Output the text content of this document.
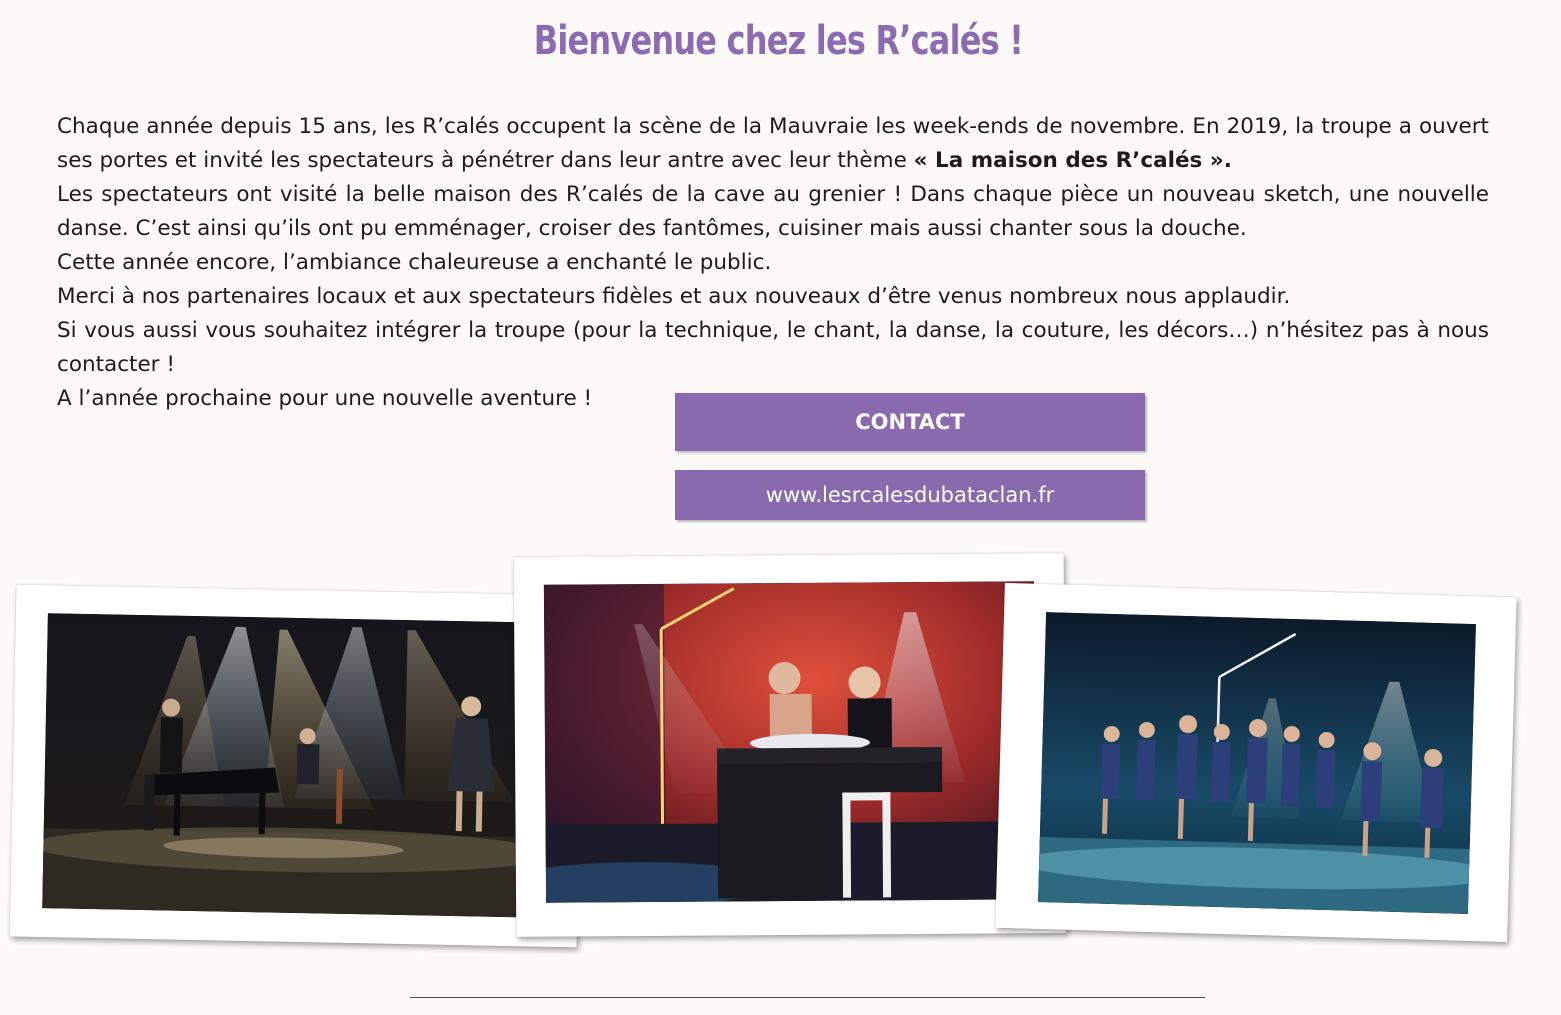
Bienvenue chez les R’calés !

Chaque année depuis 15 ans, les R’calés occupent la scène de la Mauvraie les week-ends de novembre. En 2019, la troupe a ouvert ses portes et invité les spectateurs à pénétrer dans leur antre avec leur thème « La maison des R’calés ».

Les spectateurs ont visité la belle maison des R’calés de la cave au grenier ! Dans chaque pièce un nouveau sketch, une nouvelle danse. C’est ainsi qu’ils ont pu emménager, croiser des fantômes, cuisiner mais aussi chanter sous la douche.

Cette année encore, l’ambiance chaleureuse a enchanté le public.

Merci à nos partenaires locaux et aux spectateurs fidèles et aux nouveaux d’être venus nombreux nous applaudir.

Si vous aussi vous souhaitez intégrer la troupe (pour la technique, le chant, la danse, la couture, les décors…) n’hésitez pas à nous contacter !

A l’année prochaine pour une nouvelle aventure !

CONTACT
www.lesrcalesdubataclan.fr
